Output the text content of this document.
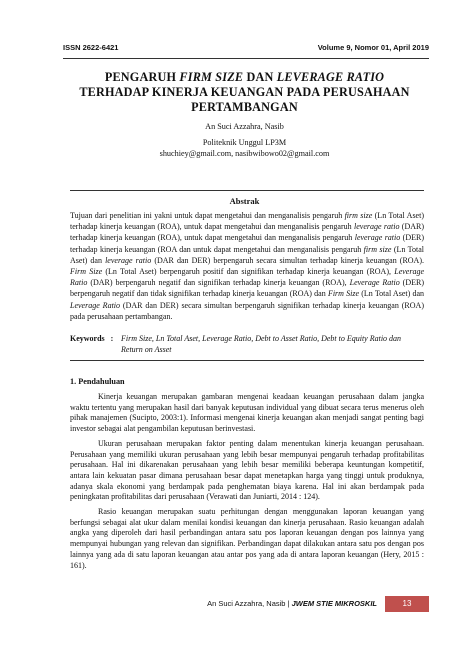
ISSN 2622-6421	Volume 9, Nomor 01, April 2019
PENGARUH FIRM SIZE DAN LEVERAGE RATIO
TERHADAP KINERJA KEUANGAN PADA PERUSAHAAN
PERTAMBANGAN
An Suci Azzahra, Nasib
Politeknik Unggul LP3M
shuchiey@gmail.com, nasibwibowo02@gmail.com
Abstrak
Tujuan dari penelitian ini yakni untuk dapat mengetahui dan menganalisis pengaruh firm size (Ln Total Aset) terhadap kinerja keuangan (ROA), untuk dapat mengetahui dan menganalisis pengaruh leverage ratio (DAR) terhadap kinerja keuangan (ROA), untuk dapat mengetahui dan menganalisis pengaruh leverage ratio (DER) terhadap kinerja keuangan (ROA dan untuk dapat mengetahui dan menganalisis pengaruh firm size (Ln Total Aset) dan leverage ratio (DAR dan DER) berpengaruh secara simultan terhadap kinerja keuangan (ROA). Firm Size (Ln Total Aset) berpengaruh positif dan signifikan terhadap kinerja keuangan (ROA), Leverage Ratio (DAR) berpengaruh negatif dan signifikan terhadap kinerja keuangan (ROA), Leverage Ratio (DER) berpengaruh negatif dan tidak signifikan terhadap kinerja keuangan (ROA) dan Firm Size (Ln Total Aset) dan Leverage Ratio (DAR dan DER) secara simultan berpengaruh signifikan terhadap kinerja keuangan (ROA) pada perusahaan pertambangan.
Keywords : Firm Size, Ln Total Aset, Leverage Ratio, Debt to Asset Ratio, Debt to Equity Ratio dan Return on Asset
1. Pendahuluan

Kinerja keuangan merupakan gambaran mengenai keadaan keuangan perusahaan dalam jangka waktu tertentu yang merupakan hasil dari banyak keputusan individual yang dibuat secara terus menerus oleh pihak manajemen (Sucipto, 2003:1). Informasi mengenai kinerja keuangan akan menjadi sangat penting bagi investor sebagai alat pengambilan keputusan berinvestasi.

Ukuran perusahaan merupakan faktor penting dalam menentukan kinerja keuangan perusahaan. Perusahaan yang memiliki ukuran perusahaan yang lebih besar mempunyai pengaruh terhadap profitabilitas perusahaan. Hal ini dikarenakan perusahaan yang lebih besar memiliki beberapa keuntungan kompetitif, antara lain kekuatan pasar dimana perusahaan besar dapat menetapkan harga yang tinggi untuk produknya, adanya skala ekonomi yang berdampak pada penghematan biaya karena. Hal ini akan berdampak pada peningkatan profitabilitas dari perusahaan (Verawati dan Juniarti, 2014 : 124).

Rasio keuangan merupakan suatu perhitungan dengan menggunakan laporan keuangan yang berfungsi sebagai alat ukur dalam menilai kondisi keuangan dan kinerja perusahaan. Rasio keuangan adalah angka yang diperoleh dari hasil perbandingan antara satu pos laporan keuangan dengan pos lainnya yang mempunyai hubungan yang relevan dan signifikan. Perbandingan dapat dilakukan antara satu pos dengan pos lainnya yang ada di satu laporan keuangan atau antar pos yang ada di antara laporan keuangan (Hery, 2015 : 161).

An Suci Azzahra, Nasib | JWEM STIE MIKROSKIL	13
